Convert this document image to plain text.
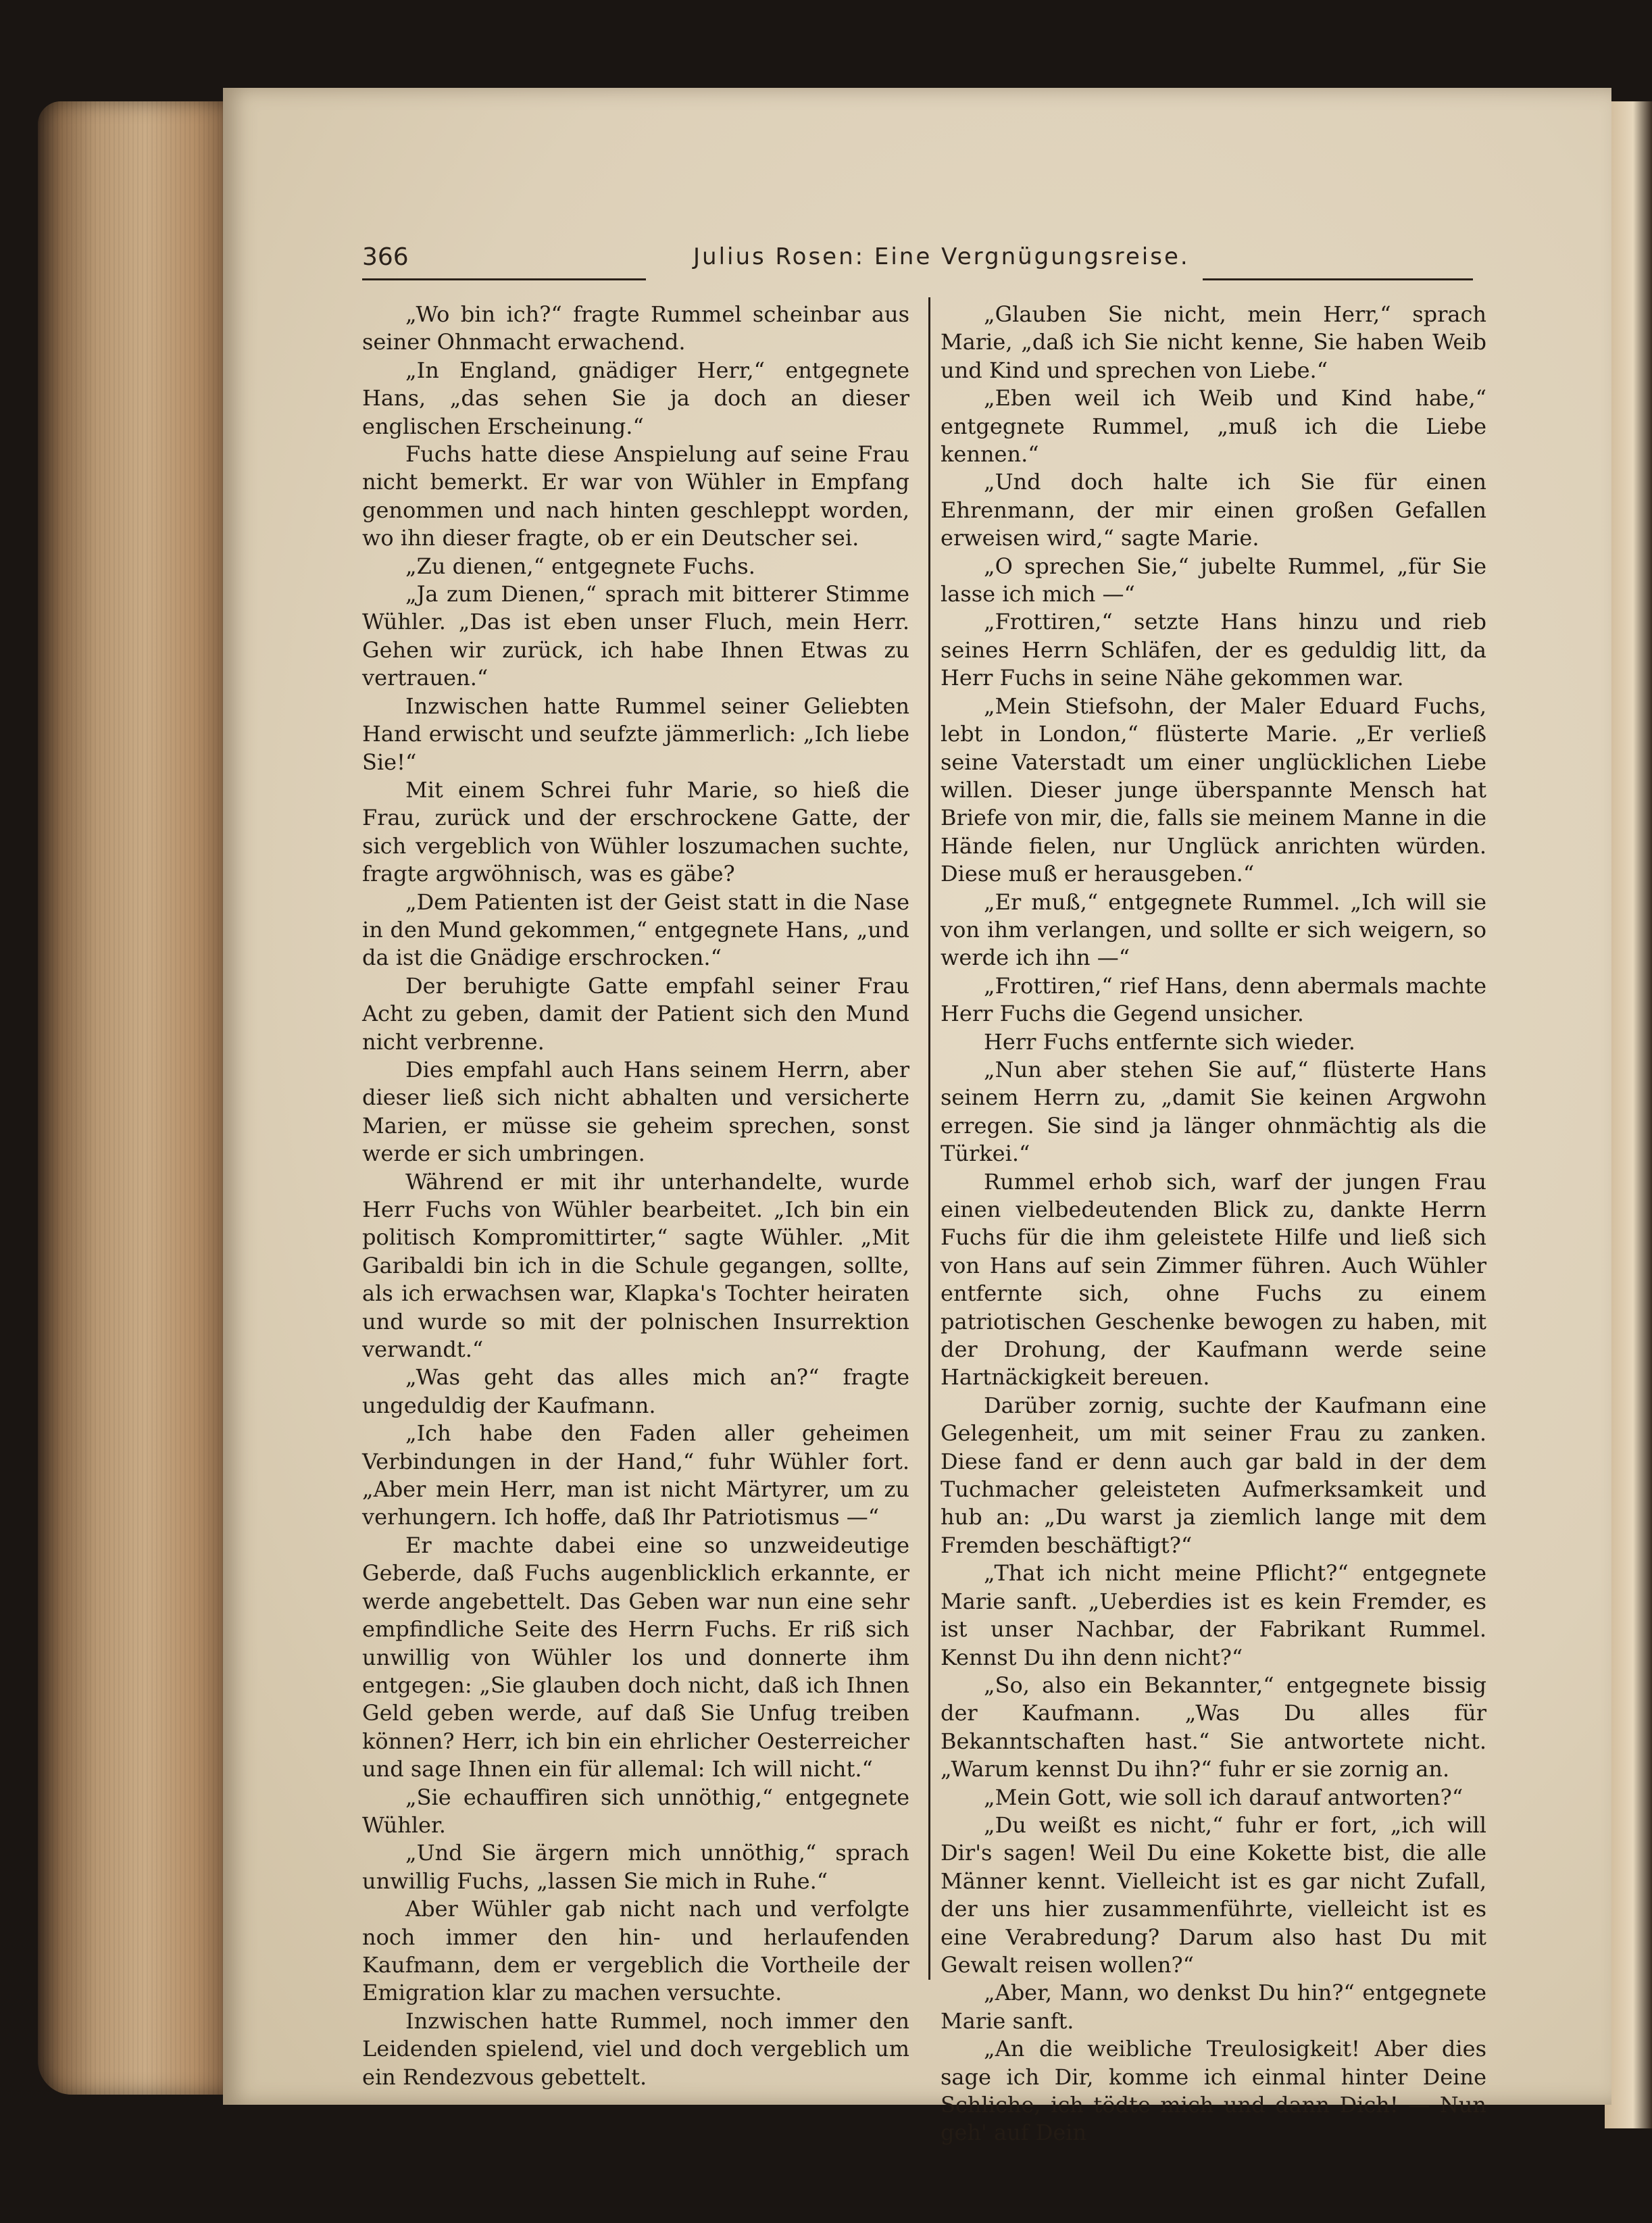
366	Julius Rosen: Eine Vergnügungsreise.

„Wo bin ich?“ fragte Rummel scheinbar aus seiner Ohnmacht erwachend.

„In England, gnädiger Herr,“ entgegnete Hans, „das sehen Sie ja doch an dieser englischen Erscheinung.“

Fuchs hatte diese Anspielung auf seine Frau nicht bemerkt. Er war von Wühler in Empfang genommen und nach hinten geschleppt worden, wo ihn dieser fragte, ob er ein Deutscher sei.

„Zu dienen,“ entgegnete Fuchs.

„Ja zum Dienen,“ sprach mit bitterer Stimme Wühler. „Das ist eben unser Fluch, mein Herr. Gehen wir zurück, ich habe Ihnen Etwas zu vertrauen.“

Inzwischen hatte Rummel seiner Geliebten Hand erwischt und seufzte jämmerlich: „Ich liebe Sie!“

Mit einem Schrei fuhr Marie, so hieß die Frau, zurück und der erschrockene Gatte, der sich vergeblich von Wühler loszumachen suchte, fragte argwöhnisch, was es gäbe?

„Dem Patienten ist der Geist statt in die Nase in den Mund gekommen,“ entgegnete Hans, „und da ist die Gnädige erschrocken.“

Der beruhigte Gatte empfahl seiner Frau Acht zu geben, damit der Patient sich den Mund nicht verbrenne.

Dies empfahl auch Hans seinem Herrn, aber dieser ließ sich nicht abhalten und versicherte Marien, er müsse sie geheim sprechen, sonst werde er sich umbringen.

Während er mit ihr unterhandelte, wurde Herr Fuchs von Wühler bearbeitet. „Ich bin ein politisch Kompromittirter,“ sagte Wühler. „Mit Garibaldi bin ich in die Schule gegangen, sollte, als ich erwachsen war, Klapka's Tochter heiraten und wurde so mit der polnischen Insurrektion verwandt.“

„Was geht das alles mich an?“ fragte ungeduldig der Kaufmann.

„Ich habe den Faden aller geheimen Verbindungen in der Hand,“ fuhr Wühler fort. „Aber mein Herr, man ist nicht Märtyrer, um zu verhungern. Ich hoffe, daß Ihr Patriotismus —“

Er machte dabei eine so unzweideutige Geberde, daß Fuchs augenblicklich erkannte, er werde angebettelt. Das Geben war nun eine sehr empfindliche Seite des Herrn Fuchs. Er riß sich unwillig von Wühler los und donnerte ihm entgegen: „Sie glauben doch nicht, daß ich Ihnen Geld geben werde, auf daß Sie Unfug treiben können? Herr, ich bin ein ehrlicher Oesterreicher und sage Ihnen ein für allemal: Ich will nicht.“

„Sie echauffiren sich unnöthig,“ entgegnete Wühler.

„Und Sie ärgern mich unnöthig,“ sprach unwillig Fuchs, „lassen Sie mich in Ruhe.“

Aber Wühler gab nicht nach und verfolgte noch immer den hin- und herlaufenden Kaufmann, dem er vergeblich die Vortheile der Emigration klar zu machen versuchte.

Inzwischen hatte Rummel, noch immer den Leidenden spielend, viel und doch vergeblich um ein Rendezvous gebettelt.

„Glauben Sie nicht, mein Herr,“ sprach Marie, „daß ich Sie nicht kenne, Sie haben Weib und Kind und sprechen von Liebe.“

„Eben weil ich Weib und Kind habe,“ entgegnete Rummel, „muß ich die Liebe kennen.“

„Und doch halte ich Sie für einen Ehrenmann, der mir einen großen Gefallen erweisen wird,“ sagte Marie.

„O sprechen Sie,“ jubelte Rummel, „für Sie lasse ich mich —“

„Frottiren,“ setzte Hans hinzu und rieb seines Herrn Schläfen, der es geduldig litt, da Herr Fuchs in seine Nähe gekommen war.

„Mein Stiefsohn, der Maler Eduard Fuchs, lebt in London,“ flüsterte Marie. „Er verließ seine Vaterstadt um einer unglücklichen Liebe willen. Dieser junge überspannte Mensch hat Briefe von mir, die, falls sie meinem Manne in die Hände fielen, nur Unglück anrichten würden. Diese muß er herausgeben.“

„Er muß,“ entgegnete Rummel. „Ich will sie von ihm verlangen, und sollte er sich weigern, so werde ich ihn —“

„Frottiren,“ rief Hans, denn abermals machte Herr Fuchs die Gegend unsicher.

Herr Fuchs entfernte sich wieder.

„Nun aber stehen Sie auf,“ flüsterte Hans seinem Herrn zu, „damit Sie keinen Argwohn erregen. Sie sind ja länger ohnmächtig als die Türkei.“

Rummel erhob sich, warf der jungen Frau einen vielbedeutenden Blick zu, dankte Herrn Fuchs für die ihm geleistete Hilfe und ließ sich von Hans auf sein Zimmer führen. Auch Wühler entfernte sich, ohne Fuchs zu einem patriotischen Geschenke bewogen zu haben, mit der Drohung, der Kaufmann werde seine Hartnäckigkeit bereuen.

Darüber zornig, suchte der Kaufmann eine Gelegenheit, um mit seiner Frau zu zanken. Diese fand er denn auch gar bald in der dem Tuchmacher geleisteten Aufmerksamkeit und hub an: „Du warst ja ziemlich lange mit dem Fremden beschäftigt?“

„That ich nicht meine Pflicht?“ entgegnete Marie sanft. „Ueberdies ist es kein Fremder, es ist unser Nachbar, der Fabrikant Rummel. Kennst Du ihn denn nicht?“

„So, also ein Bekannter,“ entgegnete bissig der Kaufmann. „Was Du alles für Bekanntschaften hast.“ Sie antwortete nicht. „Warum kennst Du ihn?“ fuhr er sie zornig an.

„Mein Gott, wie soll ich darauf antworten?“

„Du weißt es nicht,“ fuhr er fort, „ich will Dir's sagen! Weil Du eine Kokette bist, die alle Männer kennt. Vielleicht ist es gar nicht Zufall, der uns hier zusammenführte, vielleicht ist es eine Verabredung? Darum also hast Du mit Gewalt reisen wollen?“

„Aber, Mann, wo denkst Du hin?“ entgegnete Marie sanft.

„An die weibliche Treulosigkeit! Aber dies sage ich Dir, komme ich einmal hinter Deine Schliche, ich tödte mich und dann Dich! — Nun geh' auf Dein
